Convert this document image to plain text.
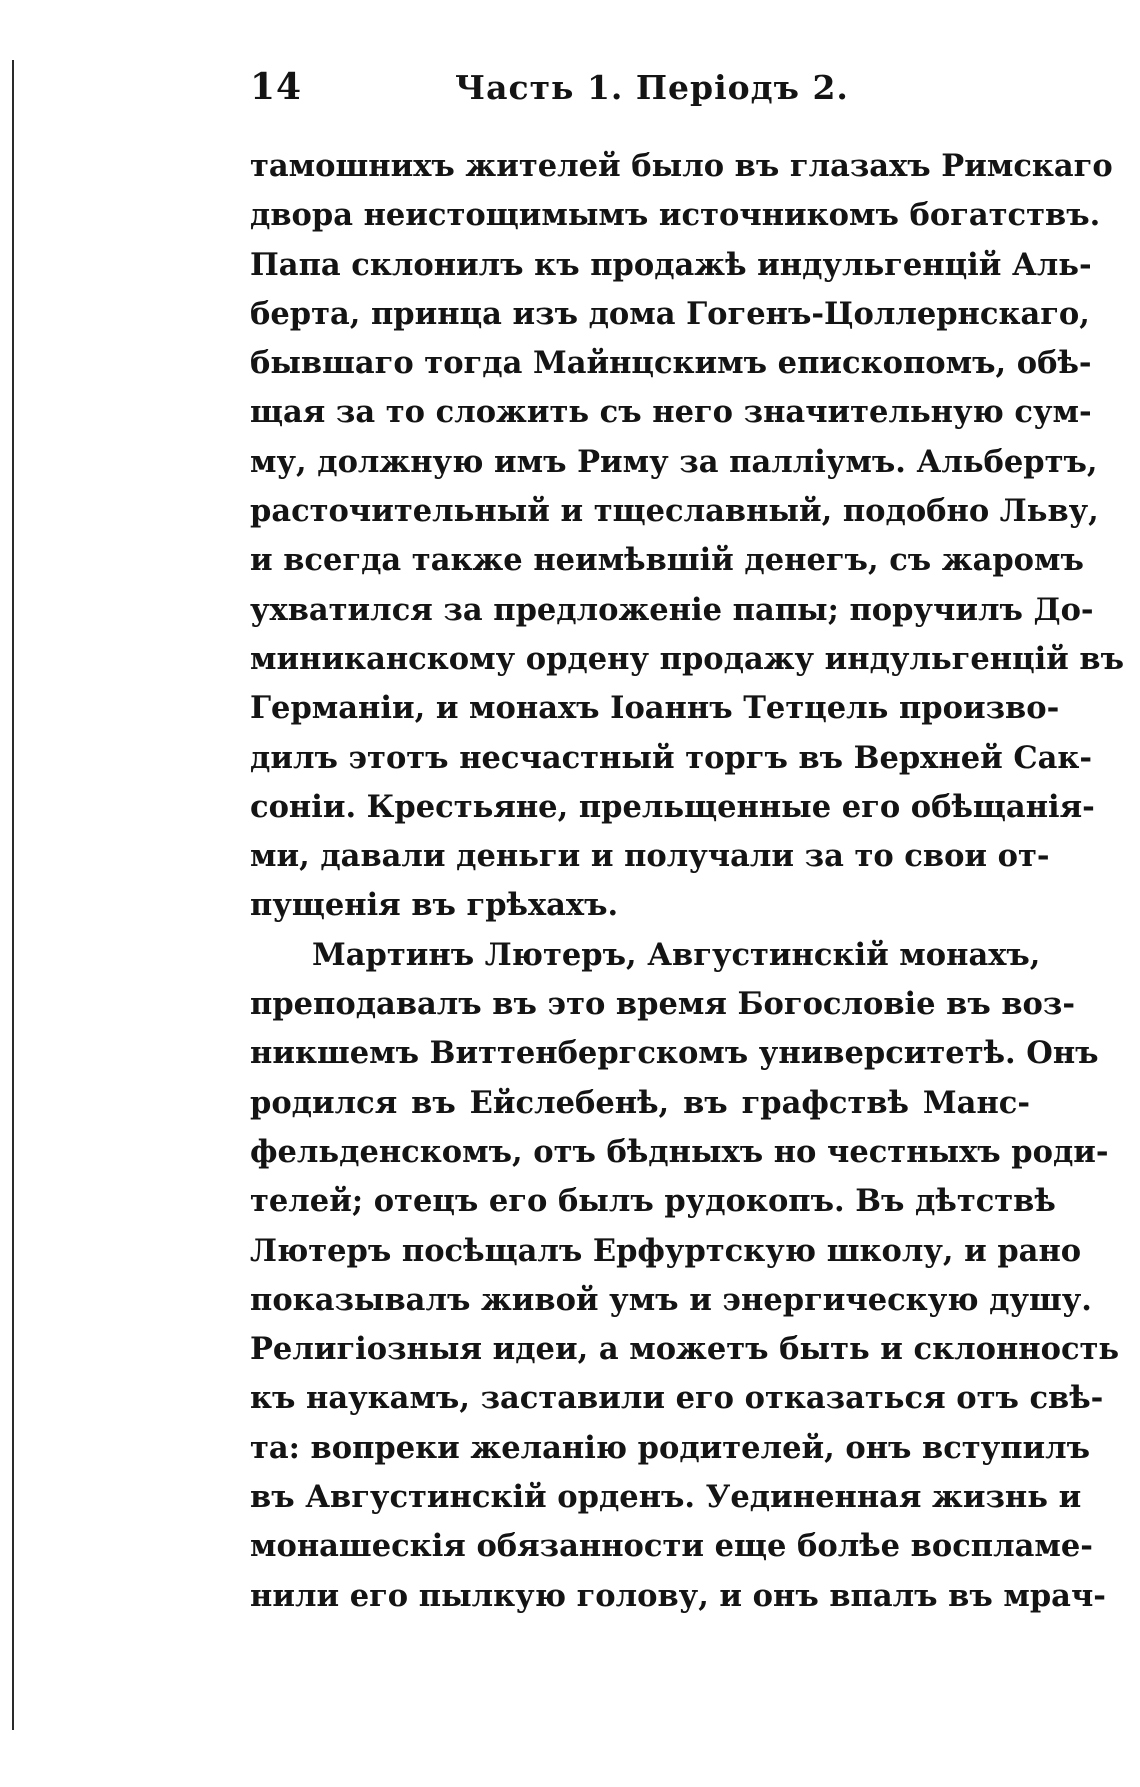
14	Часть 1. Періодъ 2.
тамошнихъ жителей было въ глазахъ Римскаго
двора неистощимымъ источникомъ богатствъ.
Папа склонилъ къ продажѣ индульгенцій Аль-
берта, принца изъ дома Гогенъ-Цоллернскаго,
бывшаго тогда Майнцскимъ епископомъ, обѣ-
щая за то сложить съ него значительную сум-
му, должную имъ Риму за палліумъ. Альбертъ,
расточительный и тщеславный, подобно Льву,
и всегда также неимѣвшій денегъ, съ жаромъ
ухватился за предложеніе папы; поручилъ До-
миниканскому ордену продажу индульгенцій въ
Германіи, и монахъ Іоаннъ Тетцель произво-
дилъ этотъ несчастный торгъ въ Верхней Сак-
соніи. Крестьяне, прельщенные его обѣщанія-
ми, давали деньги и получали за то свои от-
пущенія въ грѣхахъ.
Мартинъ Лютеръ, Августинскій монахъ,
преподавалъ въ это время Богословіе въ воз-
никшемъ Виттенбергскомъ университетѣ. Онъ
родился въ Ейслебенѣ, въ графствѣ Манс-
фельденскомъ, отъ бѣдныхъ но честныхъ роди-
телей; отецъ его былъ рудокопъ. Въ дѣтствѣ
Лютеръ посѣщалъ Ерфуртскую школу, и рано
показывалъ живой умъ и энергическую душу.
Религіозныя идеи, а можетъ быть и склонность
къ наукамъ, заставили его отказаться отъ свѣ-
та: вопреки желанію родителей, онъ вступилъ
въ Августинскій орденъ. Уединенная жизнь и
монашескія обязанности еще болѣе воспламе-
нили его пылкую голову, и онъ впалъ въ мрач-
